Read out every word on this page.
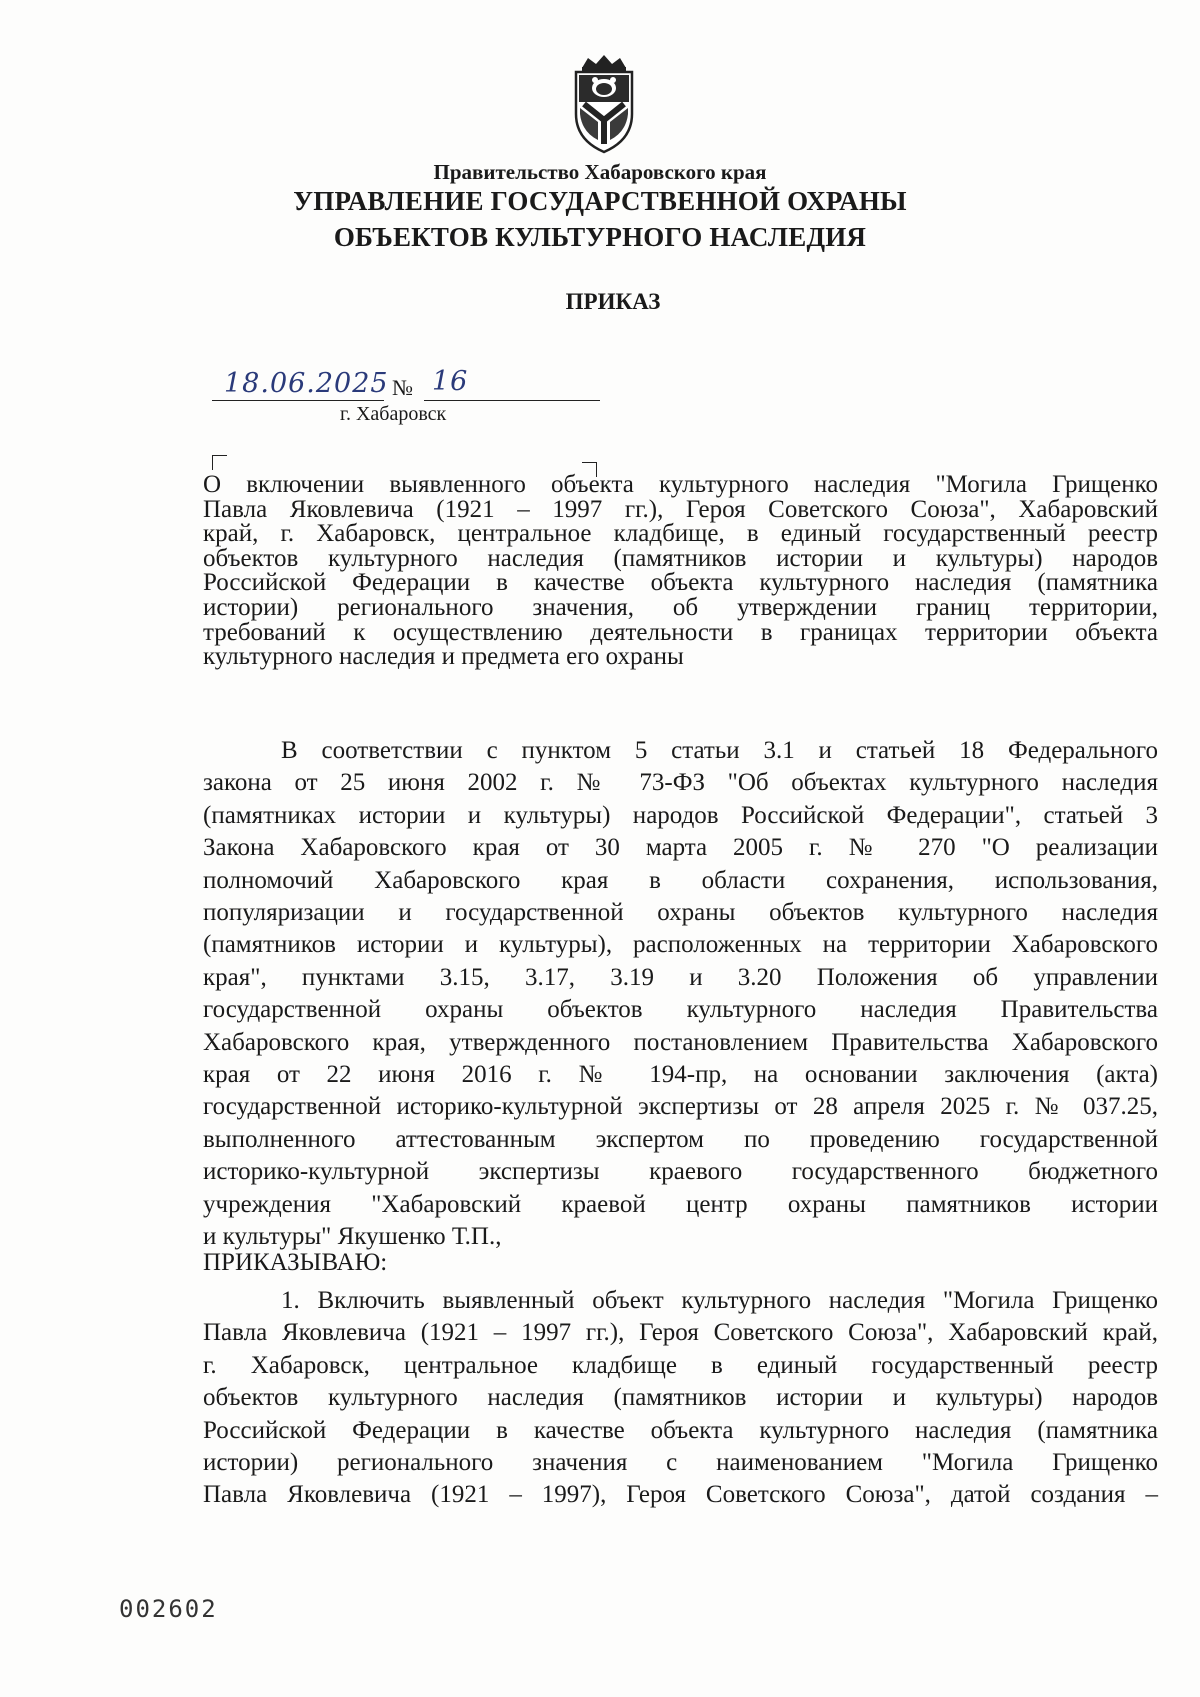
Правительство Хабаровского края
УПРАВЛЕНИЕ ГОСУДАРСТВЕННОЙ ОХРАНЫ
ОБЪЕКТОВ КУЛЬТУРНОГО НАСЛЕДИЯ
ПРИКАЗ
18.06.2025 № 16
г. Хабаровск
О включении выявленного объекта культурного наследия "Могила Грищенко
Павла Яковлевича (1921 – 1997 гг.), Героя Советского Союза", Хабаровский
край, г. Хабаровск, центральное кладбище, в единый государственный реестр
объектов культурного наследия (памятников истории и культуры) народов
Российской Федерации в качестве объекта культурного наследия (памятника
истории) регионального значения, об утверждении границ территории,
требований к осуществлению деятельности в границах территории объекта
культурного наследия и предмета его охраны
В соответствии с пунктом 5 статьи 3.1 и статьей 18 Федерального
закона от 25 июня 2002 г. № 73-ФЗ "Об объектах культурного наследия
(памятниках истории и культуры) народов Российской Федерации", статьей 3
Закона Хабаровского края от 30 марта 2005 г. № 270 "О реализации
полномочий Хабаровского края в области сохранения, использования,
популяризации и государственной охраны объектов культурного наследия
(памятников истории и культуры), расположенных на территории Хабаровского
края", пунктами 3.15, 3.17, 3.19 и 3.20 Положения об управлении
государственной охраны объектов культурного наследия Правительства
Хабаровского края, утвержденного постановлением Правительства Хабаровского
края от 22 июня 2016 г. № 194-пр, на основании заключения (акта)
государственной историко-культурной экспертизы от 28 апреля 2025 г. № 037.25,
выполненного аттестованным экспертом по проведению государственной
историко-культурной экспертизы краевого государственного бюджетного
учреждения "Хабаровский краевой центр охраны памятников истории
и культуры" Якушенко Т.П.,
ПРИКАЗЫВАЮ:
1. Включить выявленный объект культурного наследия "Могила Грищенко
Павла Яковлевича (1921 – 1997 гг.), Героя Советского Союза", Хабаровский край,
г. Хабаровск, центральное кладбище в единый государственный реестр
объектов культурного наследия (памятников истории и культуры) народов
Российской Федерации в качестве объекта культурного наследия (памятника
истории) регионального значения с наименованием "Могила Грищенко
Павла Яковлевича (1921 – 1997), Героя Советского Союза", датой создания –
002602
